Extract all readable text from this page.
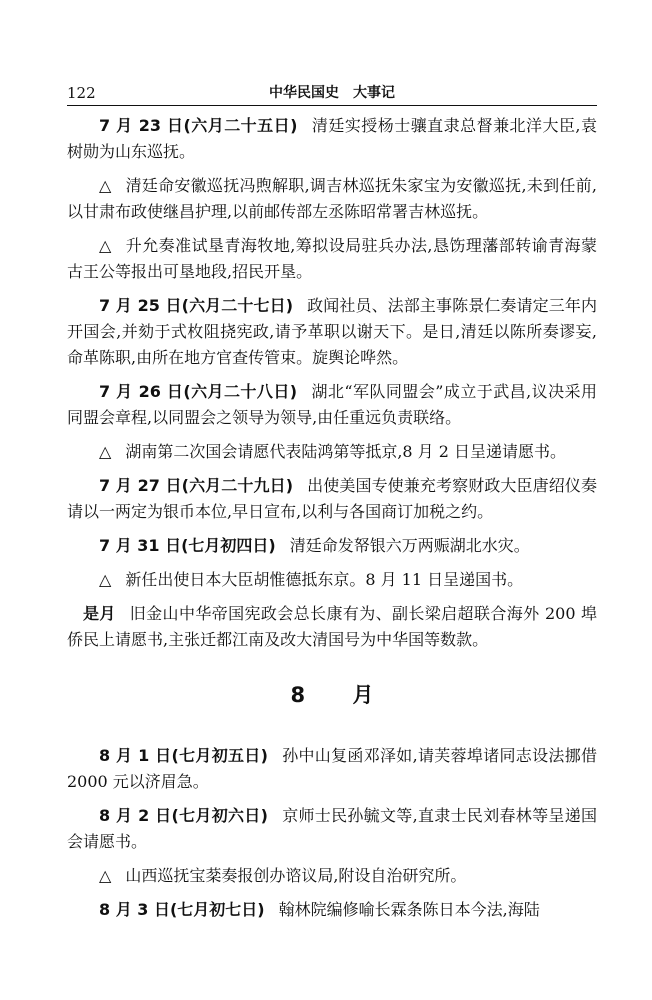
122	中华民国史　大事记

7 月 23 日(六月二十五日) 清廷实授杨士骧直隶总督兼北洋大臣,袁树勋为山东巡抚。

△ 清廷命安徽巡抚冯煦解职,调吉林巡抚朱家宝为安徽巡抚,未到任前,以甘肃布政使继昌护理,以前邮传部左丞陈昭常署吉林巡抚。

△ 升允奏准试垦青海牧地,筹拟设局驻兵办法,恳饬理藩部转谕青海蒙古王公等报出可垦地段,招民开垦。

7 月 25 日(六月二十七日) 政闻社员、法部主事陈景仁奏请定三年内开国会,并劾于式枚阻挠宪政,请予革职以谢天下。是日,清廷以陈所奏谬妄,命革陈职,由所在地方官查传管束。旋舆论哗然。

7 月 26 日(六月二十八日) 湖北“军队同盟会”成立于武昌,议决采用同盟会章程,以同盟会之领导为领导,由任重远负责联络。

△ 湖南第二次国会请愿代表陆鸿第等抵京,8 月 2 日呈递请愿书。

7 月 27 日(六月二十九日) 出使美国专使兼充考察财政大臣唐绍仪奏请以一两定为银币本位,早日宣布,以利与各国商订加税之约。

7 月 31 日(七月初四日) 清廷命发帑银六万两赈湖北水灾。

△ 新任出使日本大臣胡惟德抵东京。8 月 11 日呈递国书。

是月 旧金山中华帝国宪政会总长康有为、副长梁启超联合海外 200 埠侨民上请愿书,主张迁都江南及改大清国号为中华国等数款。

8 月

8 月 1 日(七月初五日) 孙中山复函邓泽如,请芙蓉埠诸同志设法挪借 2000 元以济眉急。

8 月 2 日(七月初六日) 京师士民孙毓文等,直隶士民刘春林等呈递国会请愿书。

△ 山西巡抚宝棻奏报创办谘议局,附设自治研究所。

8 月 3 日(七月初七日) 翰林院编修喻长霖条陈日本今法,海陆
